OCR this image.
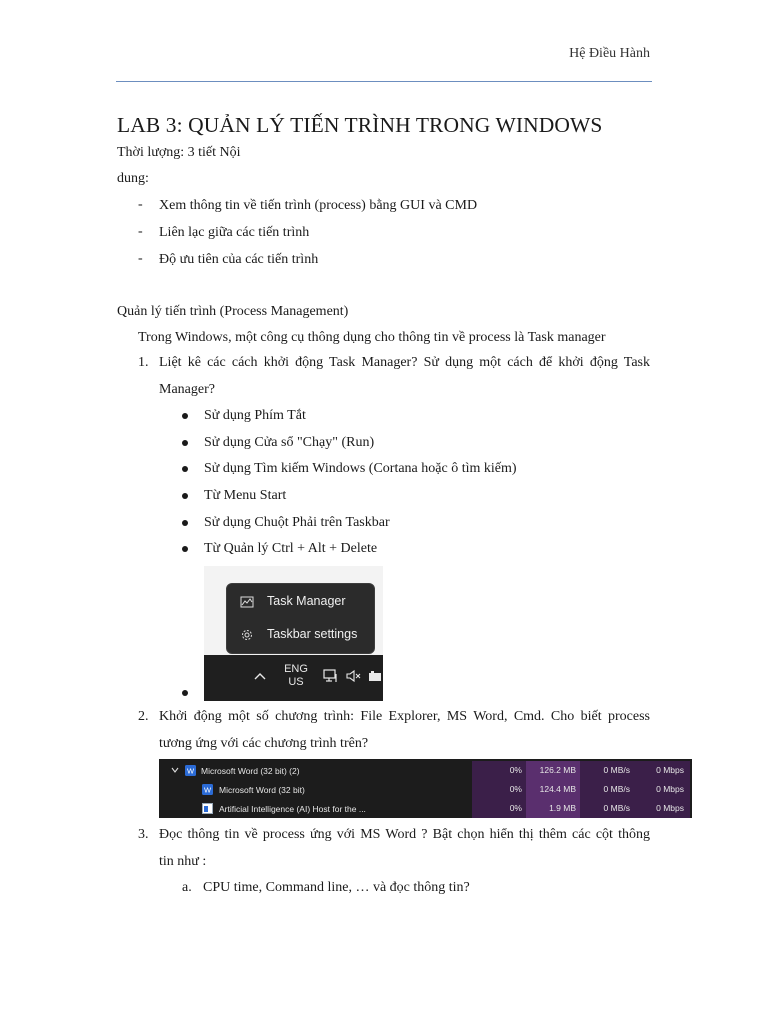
Hệ Điều Hành
LAB 3: QUẢN LÝ TIẾN TRÌNH TRONG WINDOWS
Thời lượng: 3 tiết Nội
dung:
- Xem thông tin về tiến trình (process) bằng GUI và CMD
- Liên lạc giữa các tiến trình
- Độ ưu tiên của các tiến trình
Quản lý tiến trình (Process Management)
Trong Windows, một công cụ thông dụng cho thông tin về process là Task manager
1. Liệt kê các cách khởi động Task Manager? Sử dụng một cách để khởi động Task
Manager?
Sử dụng Phím Tắt
Sử dụng Cửa sổ "Chạy" (Run)
Sử dụng Tìm kiếm Windows (Cortana hoặc ô tìm kiếm)
Từ Menu Start
Sử dụng Chuột Phải trên Taskbar
Từ Quản lý Ctrl + Alt + Delete
Task Manager
Taskbar settings
ENG
US
2. Khởi động một số chương trình: File Explorer, MS Word, Cmd. Cho biết process
tương ứng với các chương trình trên?
W Microsoft Word (32 bit) (2)	0%	126.2 MB	0 MB/s	0 Mbps
W Microsoft Word (32 bit)	0%	124.4 MB	0 MB/s	0 Mbps
Artificial Intelligence (AI) Host for the ...	0%	1.9 MB	0 MB/s	0 Mbps
3. Đọc thông tin về process ứng với MS Word ? Bật chọn hiển thị thêm các cột thông
tin như :
a. CPU time, Command line, … và đọc thông tin?
